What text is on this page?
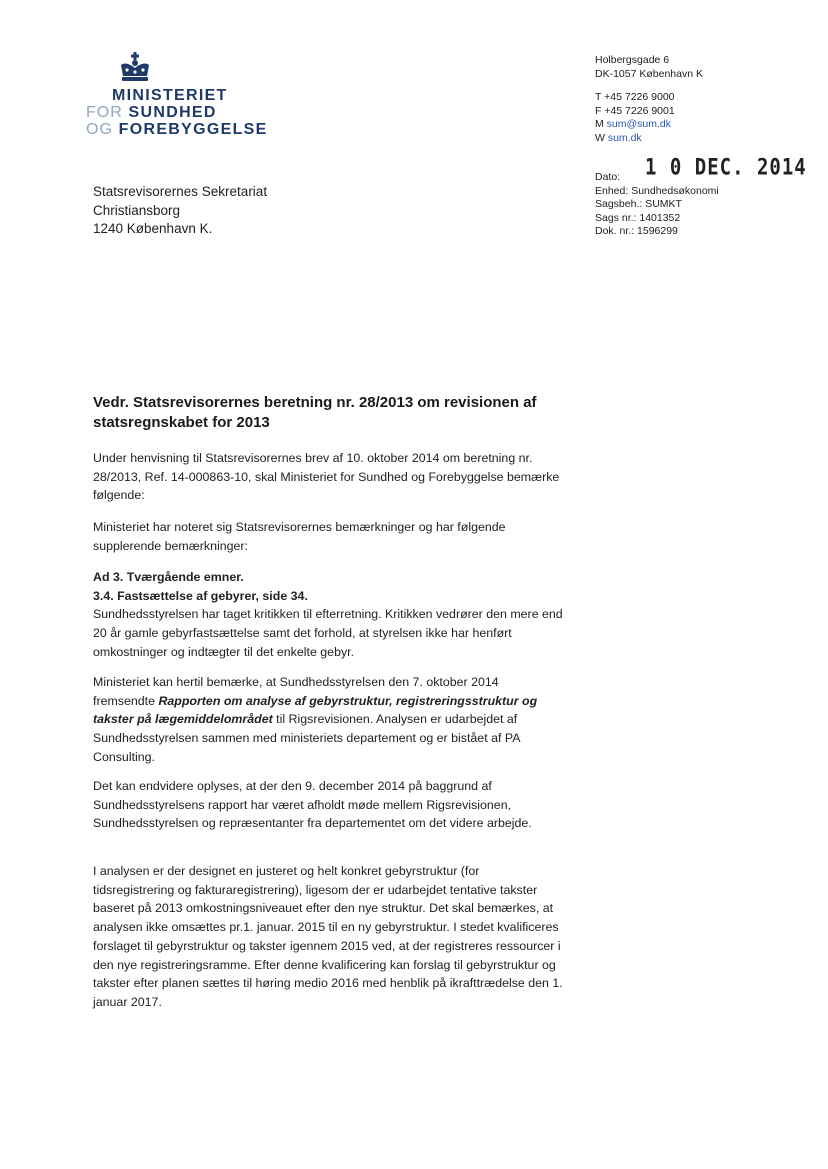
MINISTERIET
FOR SUNDHED
OG FOREBYGGELSE
Holbergsgade 6
DK-1057 København K
T +45 7226 9000
F +45 7226 9001
M sum@sum.dk
W sum.dk
1 0 DEC. 2014
Dato:
Enhed: Sundhedsøkonomi
Sagsbeh.: SUMKT
Sags nr.: 1401352
Dok. nr.: 1596299
Statsrevisorernes Sekretariat
Christiansborg
1240 København K.
Vedr. Statsrevisorernes beretning nr. 28/2013 om revisionen af statsregnskabet for 2013
Under henvisning til Statsrevisorernes brev af 10. oktober 2014 om beretning nr. 28/2013, Ref. 14-000863-10, skal Ministeriet for Sundhed og Forebyggelse bemærke følgende:
Ministeriet har noteret sig Statsrevisorernes bemærkninger og har følgende supplerende bemærkninger:
Ad 3. Tværgående emner.
3.4. Fastsættelse af gebyrer, side 34.
Sundhedsstyrelsen har taget kritikken til efterretning. Kritikken vedrører den mere end 20 år gamle gebyrfastsættelse samt det forhold, at styrelsen ikke har henført omkostninger og indtægter til det enkelte gebyr.
Ministeriet kan hertil bemærke, at Sundhedsstyrelsen den 7. oktober 2014 fremsendte Rapporten om analyse af gebyrstruktur, registreringsstruktur og takster på lægemiddelområdet til Rigsrevisionen. Analysen er udarbejdet af Sundhedsstyrelsen sammen med ministeriets departement og er bistået af PA Consulting.
Det kan endvidere oplyses, at der den 9. december 2014 på baggrund af Sundhedsstyrelsens rapport har været afholdt møde mellem Rigsrevisionen, Sundhedsstyrelsen og repræsentanter fra departementet om det videre arbejde.
I analysen er der designet en justeret og helt konkret gebyrstruktur (for tidsregistrering og fakturaregistrering), ligesom der er udarbejdet tentative takster baseret på 2013 omkostningsniveauet efter den nye struktur. Det skal bemærkes, at analysen ikke omsættes pr.1. januar. 2015 til en ny gebyrstruktur. I stedet kvalificeres forslaget til gebyrstruktur og takster igennem 2015 ved, at der registreres ressourcer i den nye registreringsramme. Efter denne kvalificering kan forslag til gebyrstruktur og takster efter planen sættes til høring medio 2016 med henblik på ikrafttrædelse den 1. januar 2017.
